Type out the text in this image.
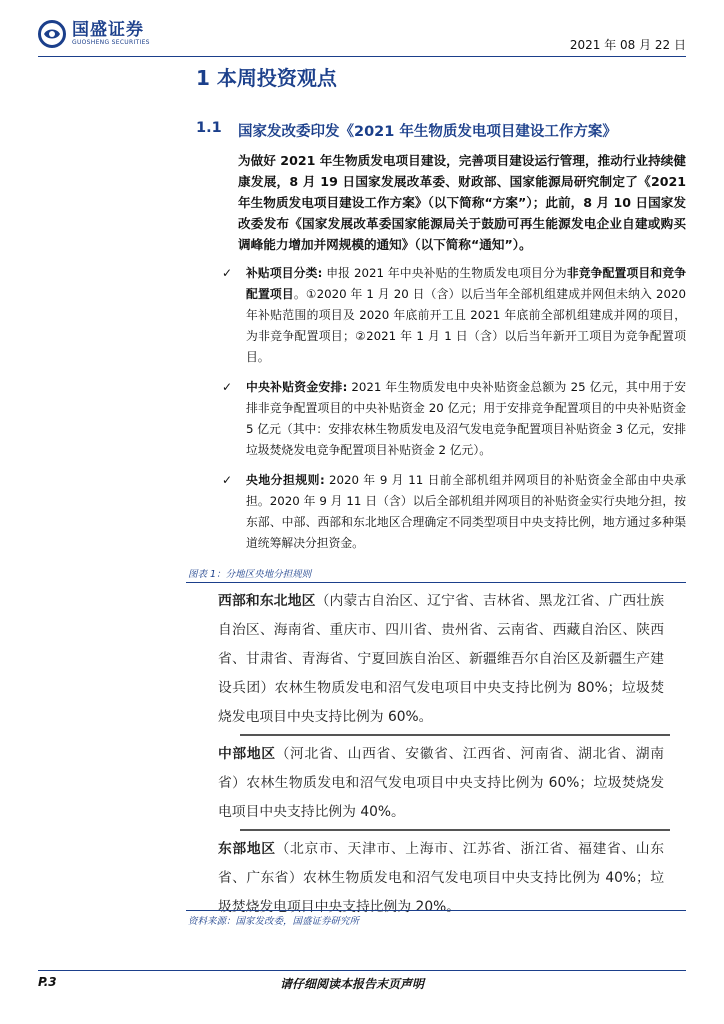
国盛证券
GUOSHENG SECURITIES	2021 年 08 月 22 日
1 本周投资观点
1.1	国家发改委印发《2021 年生物质发电项目建设工作方案》
为做好 2021 年生物质发电项目建设，完善项目建设运行管理，推动行业持续健康发展，8 月 19 日国家发展改革委、财政部、国家能源局研究制定了《2021 年生物质发电项目建设工作方案》（以下简称“方案”）；此前，8 月 10 日国家发改委发布《国家发展改革委国家能源局关于鼓励可再生能源发电企业自建或购买调峰能力增加并网规模的通知》（以下简称“通知”）。
✓	补贴项目分类: 申报 2021 年中央补贴的生物质发电项目分为非竞争配置项目和竞争配置项目。①2020 年 1 月 20 日（含）以后当年全部机组建成并网但未纳入 2020 年补贴范围的项目及 2020 年底前开工且 2021 年底前全部机组建成并网的项目，为非竞争配置项目；②2021 年 1 月 1 日（含）以后当年新开工项目为竞争配置项目。
✓	中央补贴资金安排: 2021 年生物质发电中央补贴资金总额为 25 亿元，其中用于安排非竞争配置项目的中央补贴资金 20 亿元；用于安排竞争配置项目的中央补贴资金 5 亿元（其中：安排农林生物质发电及沼气发电竞争配置项目补贴资金 3 亿元，安排垃圾焚烧发电竞争配置项目补贴资金 2 亿元）。
✓	央地分担规则: 2020 年 9 月 11 日前全部机组并网项目的补贴资金全部由中央承担。2020 年 9 月 11 日（含）以后全部机组并网项目的补贴资金实行央地分担，按东部、中部、西部和东北地区合理确定不同类型项目中央支持比例，地方通过多种渠道统筹解决分担资金。
图表 1：分地区央地分担规则
西部和东北地区（内蒙古自治区、辽宁省、吉林省、黑龙江省、广西壮族自治区、海南省、重庆市、四川省、贵州省、云南省、西藏自治区、陕西省、甘肃省、青海省、宁夏回族自治区、新疆维吾尔自治区及新疆生产建设兵团）农林生物质发电和沼气发电项目中央支持比例为 80%；垃圾焚烧发电项目中央支持比例为 60%。
中部地区（河北省、山西省、安徽省、江西省、河南省、湖北省、湖南省）农林生物质发电和沼气发电项目中央支持比例为 60%；垃圾焚烧发电项目中央支持比例为 40%。
东部地区（北京市、天津市、上海市、江苏省、浙江省、福建省、山东省、广东省）农林生物质发电和沼气发电项目中央支持比例为 40%；垃圾焚烧发电项目中央支持比例为 20%。
资料来源：国家发改委，国盛证券研究所
P.3	请仔细阅读本报告末页声明
